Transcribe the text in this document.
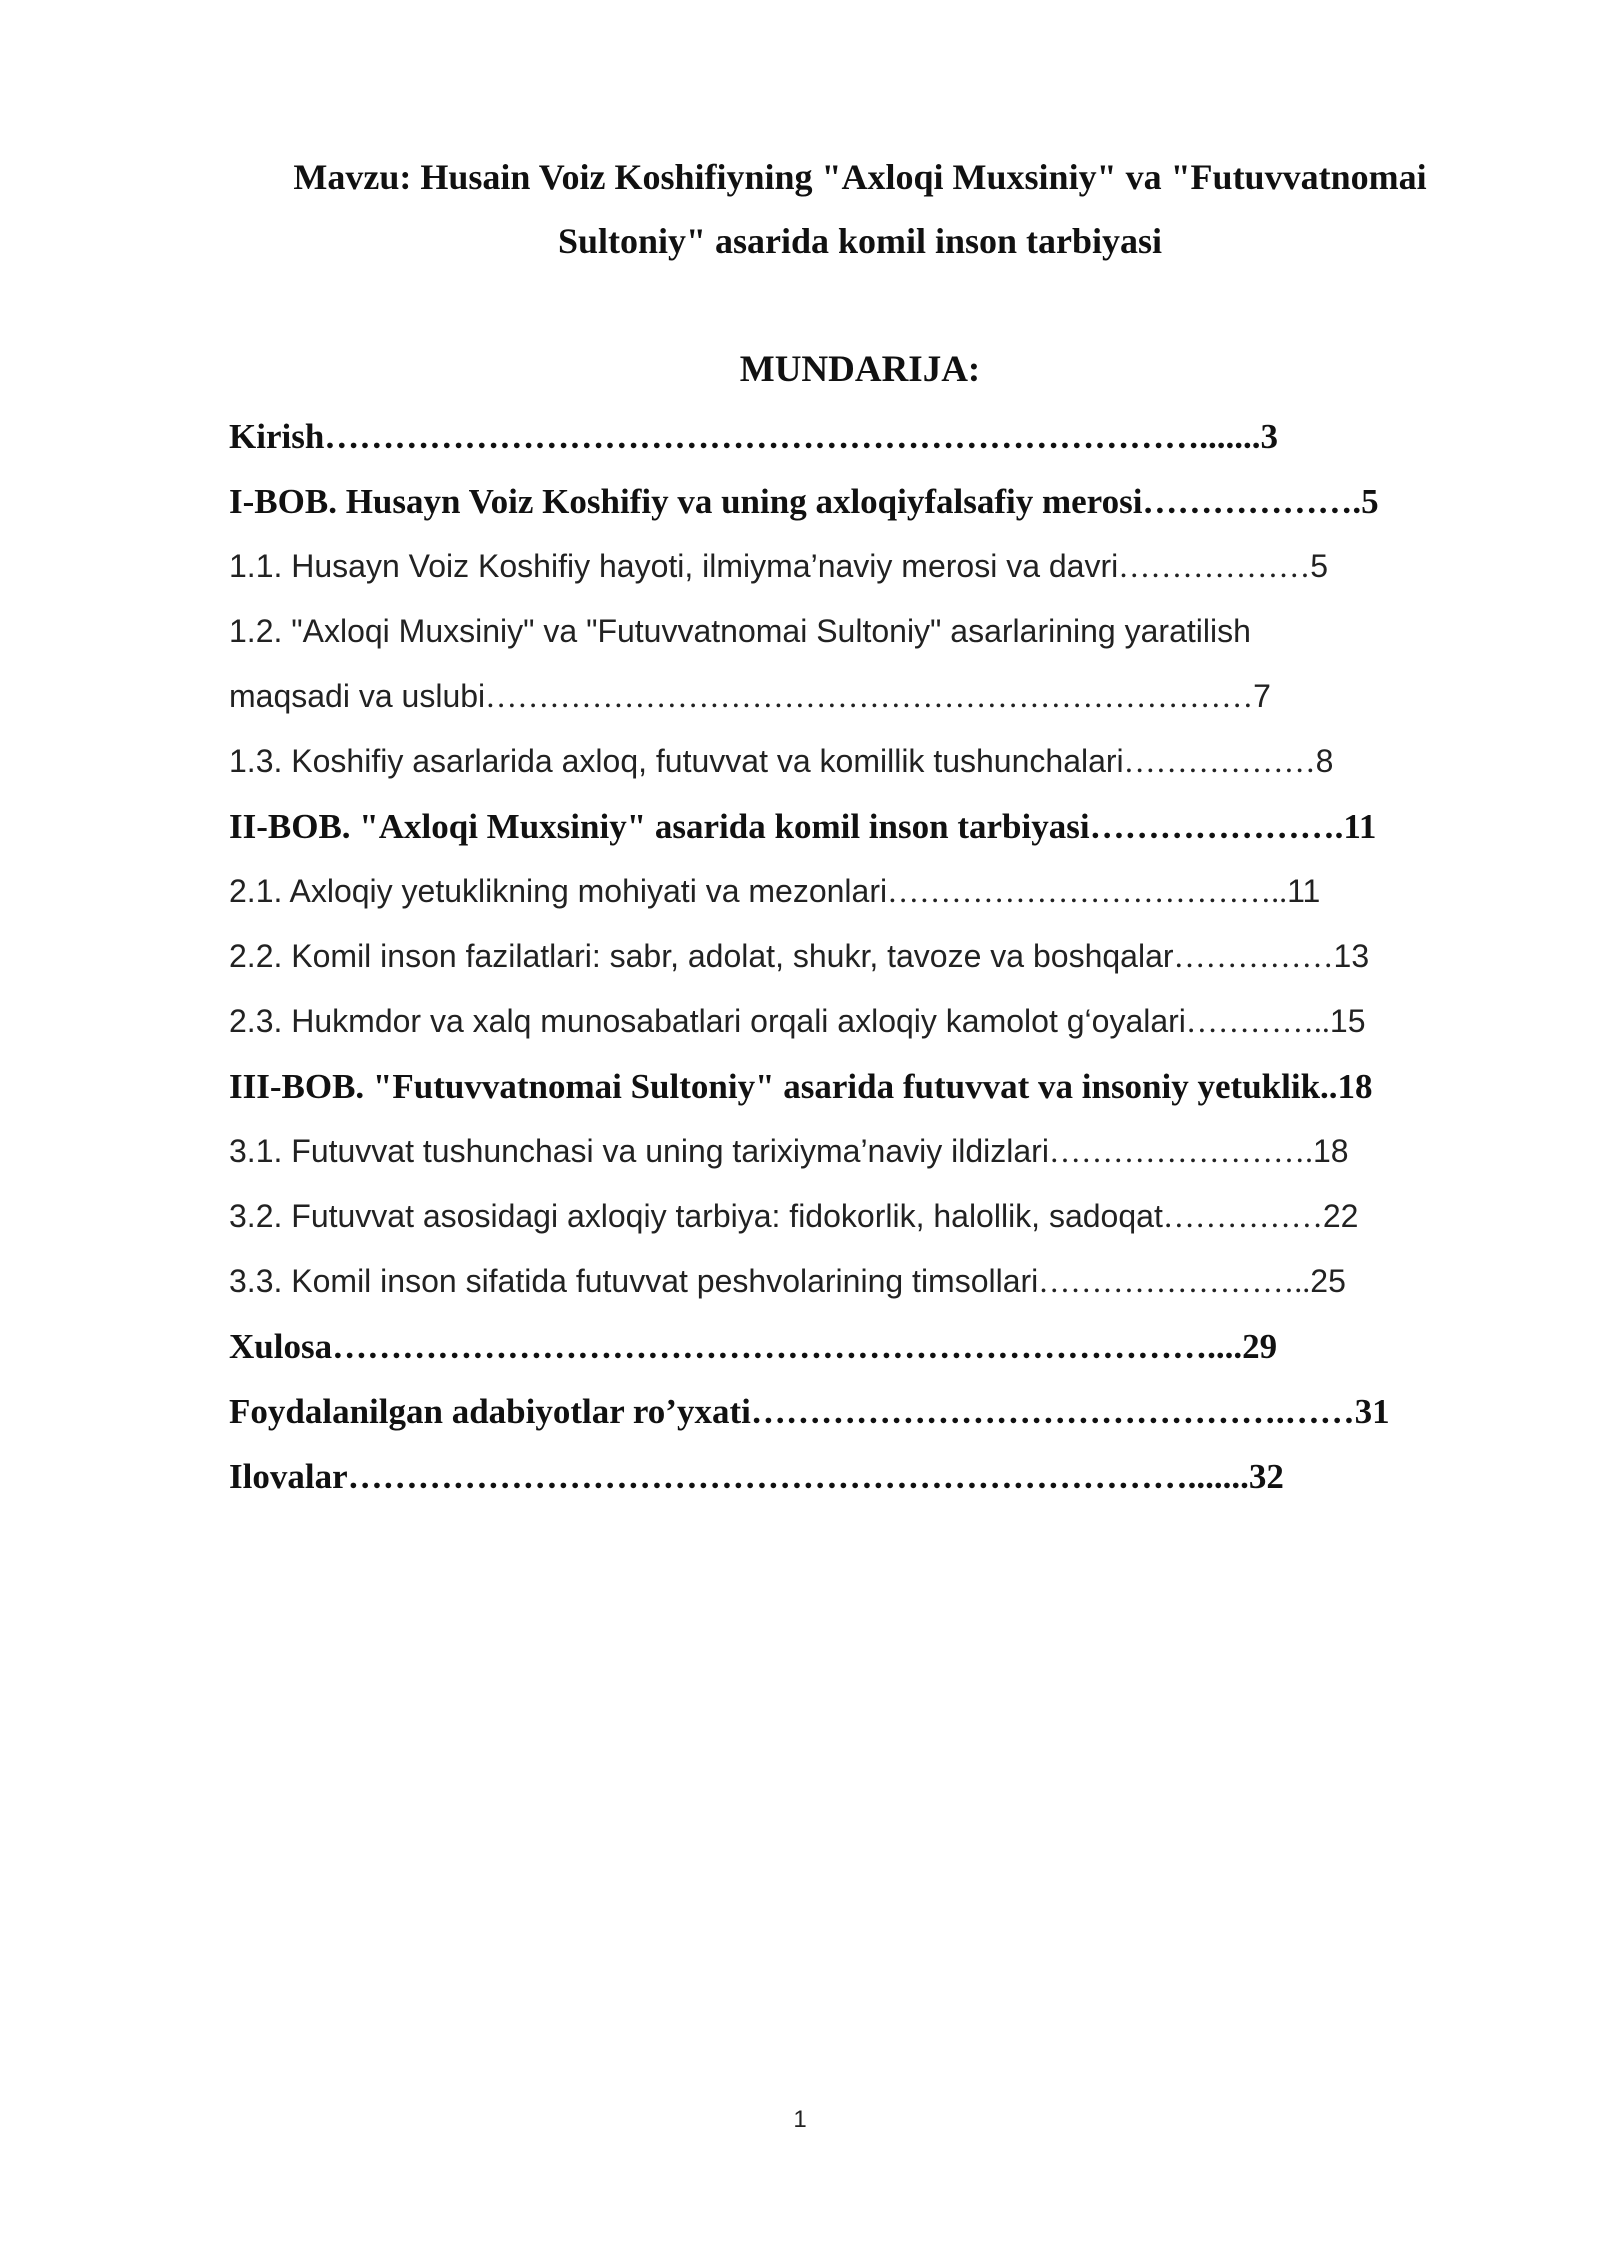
Mavzu: Husain Voiz Koshifiyning "Axloqi Muxsiniy" va "Futuvvatnomai
Sultoniy" asarida komil inson tarbiyasi
MUNDARIJA:
Kirish………………………………………………………………….......3
I-BOB. Husayn Voiz Koshifiy va uning axloqiyfalsafiy merosi……………….5
1.1. Husayn Voiz Koshifiy hayoti, ilmiyma’naviy merosi va davri………………5
1.2. "Axloqi Muxsiniy" va "Futuvvatnomai Sultoniy" asarlarining yaratilish
maqsadi va uslubi………………………………………………………………7
1.3. Koshifiy asarlarida axloq, futuvvat va komillik tushunchalari………………8
II-BOB. "Axloqi Muxsiniy" asarida komil inson tarbiyasi………………….11
2.1. Axloqiy yetuklikning mohiyati va mezonlari………………………………..11
2.2. Komil inson fazilatlari: sabr, adolat, shukr, tavoze va boshqalar……………13
2.3. Hukmdor va xalq munosabatlari orqali axloqiy kamolot g‘oyalari…………..15
III-BOB. "Futuvvatnomai Sultoniy" asarida futuvvat va insoniy yetuklik..18
3.1. Futuvvat tushunchasi va uning tarixiyma’naviy ildizlari…………………….18
3.2. Futuvvat asosidagi axloqiy tarbiya: fidokorlik, halollik, sadoqat……………22
3.3. Komil inson sifatida futuvvat peshvolarining timsollari……………………..25
Xulosa…………………………………………………………………....29
Foydalanilgan adabiyotlar ro’yxati……………………………………….……31
Ilovalar……………………………………………………………….......32
1
